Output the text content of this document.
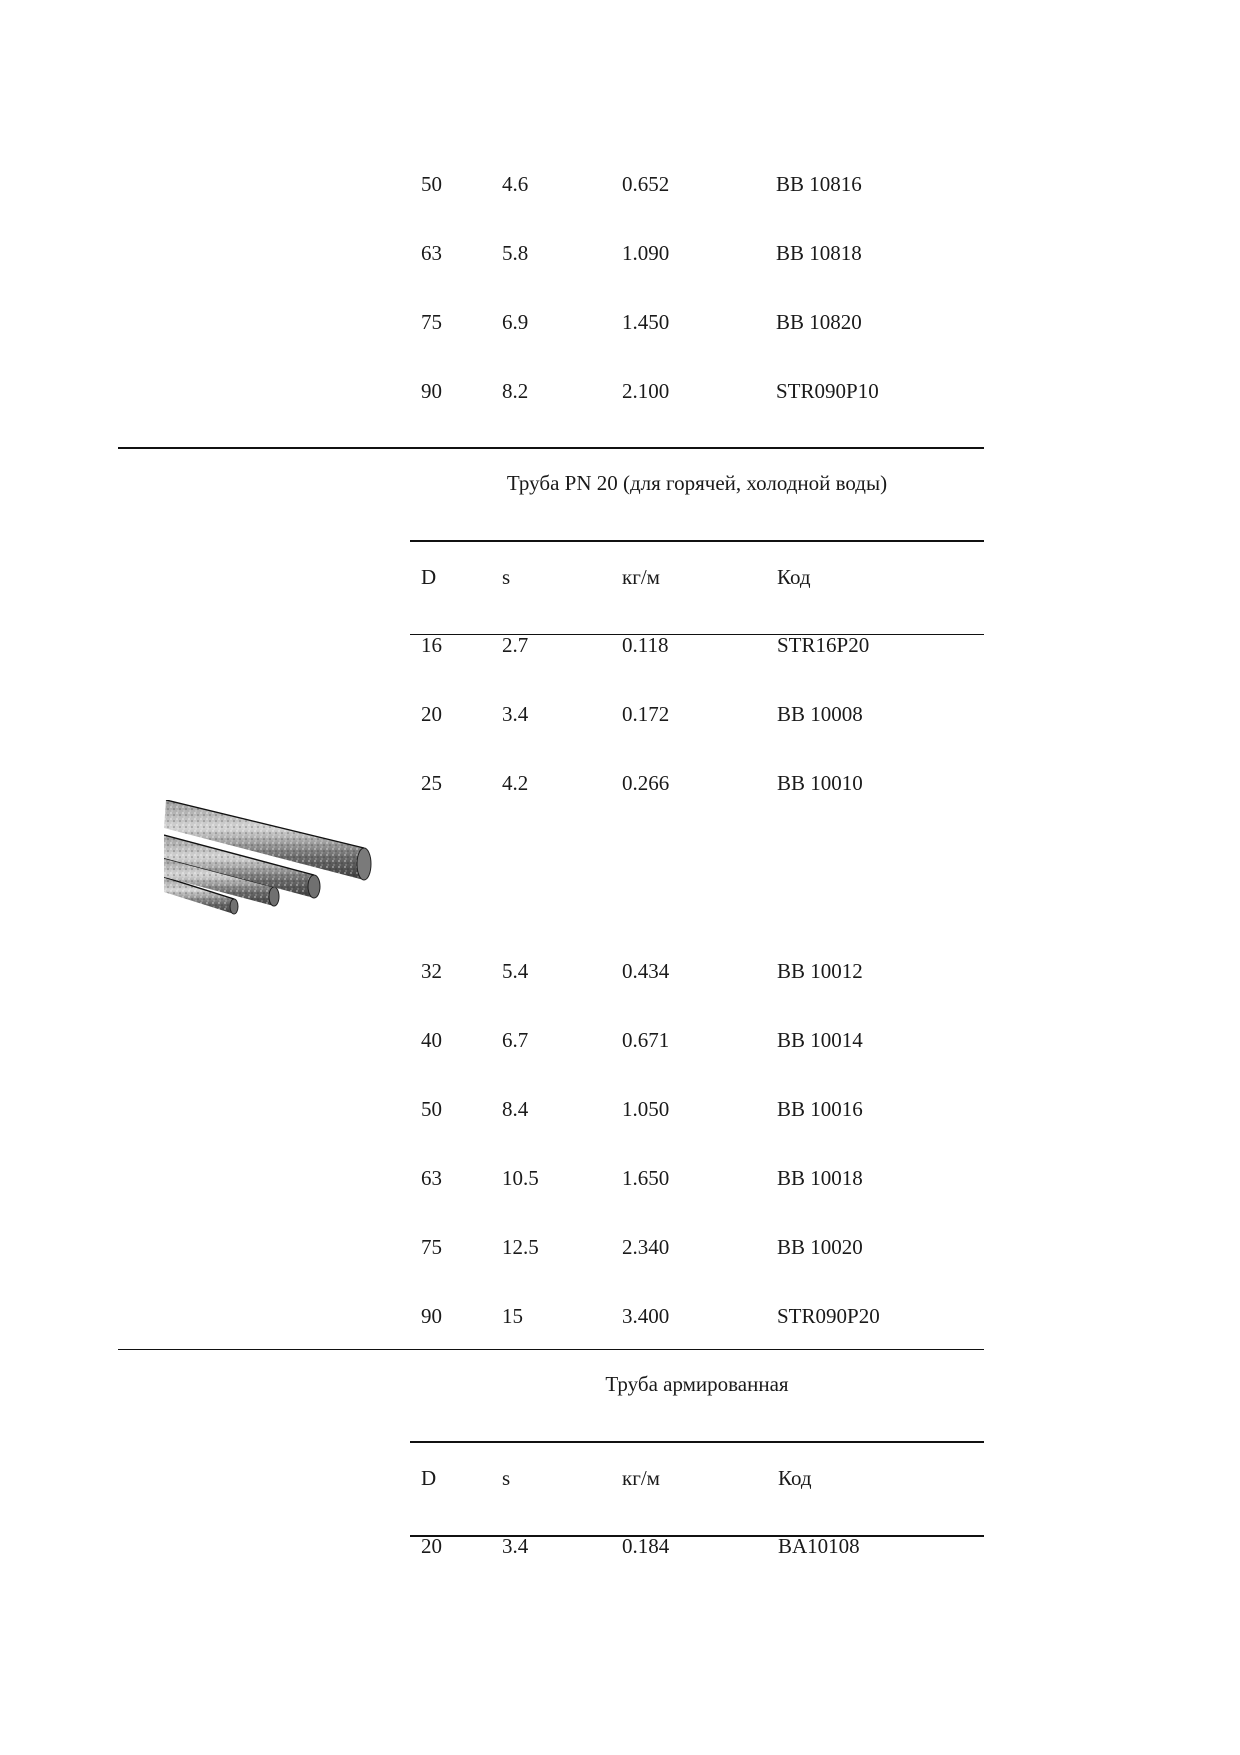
50	4.6	0.652	BB 10816
63	5.8	1.090	BB 10818
75	6.9	1.450	BB 10820
90	8.2	2.100	STR090P10
Труба PN 20 (для горячей, холодной воды)
D	s	кг/м	Код
16	2.7	0.118	STR16P20
20	3.4	0.172	BB 10008
25	4.2	0.266	BB 10010
32	5.4	0.434	BB 10012
40	6.7	0.671	BB 10014
50	8.4	1.050	BB 10016
63	10.5	1.650	BB 10018
75	12.5	2.340	BB 10020
90	15	3.400	STR090P20
Труба армированная
D	s	кг/м	Код
20	3.4	0.184	BA10108
